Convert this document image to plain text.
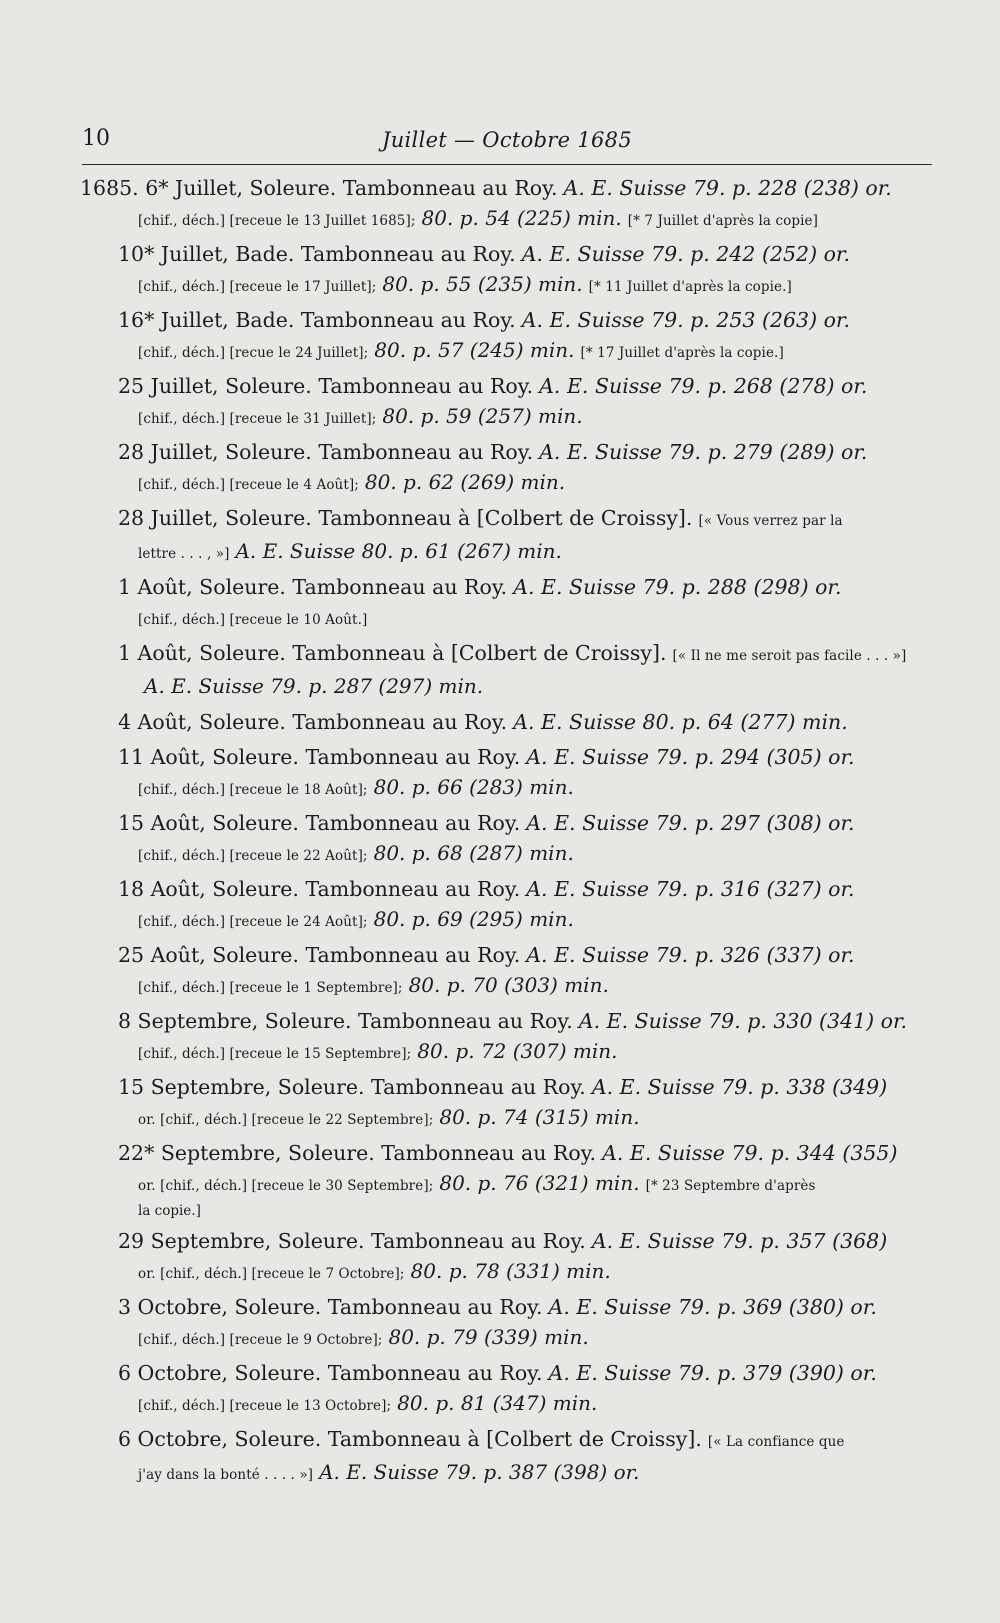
10	Juillet — Octobre 1685
1685. 6* Juillet, Soleure. Tambonneau au Roy. A. E. Suisse 79. p. 228 (238) or.
[chif., déch.] [receue le 13 Juillet 1685]; 80. p. 54 (225) min. [* 7 Juillet d'après la copie]
10* Juillet, Bade. Tambonneau au Roy. A. E. Suisse 79. p. 242 (252) or.
[chif., déch.] [receue le 17 Juillet]; 80. p. 55 (235) min. [* 11 Juillet d'après la copie.]
16* Juillet, Bade. Tambonneau au Roy. A. E. Suisse 79. p. 253 (263) or.
[chif., déch.] [recue le 24 Juillet]; 80. p. 57 (245) min. [* 17 Juillet d'après la copie.]
25 Juillet, Soleure. Tambonneau au Roy. A. E. Suisse 79. p. 268 (278) or.
[chif., déch.] [receue le 31 Juillet]; 80. p. 59 (257) min.
28 Juillet, Soleure. Tambonneau au Roy. A. E. Suisse 79. p. 279 (289) or.
[chif., déch.] [receue le 4 Août]; 80. p. 62 (269) min.
28 Juillet, Soleure. Tambonneau à [Colbert de Croissy]. [« Vous verrez par la
lettre . . . , »] A. E. Suisse 80. p. 61 (267) min.
1 Août, Soleure. Tambonneau au Roy. A. E. Suisse 79. p. 288 (298) or.
[chif., déch.] [receue le 10 Août.]
1 Août, Soleure. Tambonneau à [Colbert de Croissy]. [« Il ne me seroit pas facile . . . »]
A. E. Suisse 79. p. 287 (297) min.
4 Août, Soleure. Tambonneau au Roy. A. E. Suisse 80. p. 64 (277) min.
11 Août, Soleure. Tambonneau au Roy. A. E. Suisse 79. p. 294 (305) or.
[chif., déch.] [receue le 18 Août]; 80. p. 66 (283) min.
15 Août, Soleure. Tambonneau au Roy. A. E. Suisse 79. p. 297 (308) or.
[chif., déch.] [receue le 22 Août]; 80. p. 68 (287) min.
18 Août, Soleure. Tambonneau au Roy. A. E. Suisse 79. p. 316 (327) or.
[chif., déch.] [receue le 24 Août]; 80. p. 69 (295) min.
25 Août, Soleure. Tambonneau au Roy. A. E. Suisse 79. p. 326 (337) or.
[chif., déch.] [receue le 1 Septembre]; 80. p. 70 (303) min.
8 Septembre, Soleure. Tambonneau au Roy. A. E. Suisse 79. p. 330 (341) or.
[chif., déch.] [receue le 15 Septembre]; 80. p. 72 (307) min.
15 Septembre, Soleure. Tambonneau au Roy. A. E. Suisse 79. p. 338 (349)
or. [chif., déch.] [receue le 22 Septembre]; 80. p. 74 (315) min.
22* Septembre, Soleure. Tambonneau au Roy. A. E. Suisse 79. p. 344 (355)
or. [chif., déch.] [receue le 30 Septembre]; 80. p. 76 (321) min. [* 23 Septembre d'après
la copie.]
29 Septembre, Soleure. Tambonneau au Roy. A. E. Suisse 79. p. 357 (368)
or. [chif., déch.] [receue le 7 Octobre]; 80. p. 78 (331) min.
3 Octobre, Soleure. Tambonneau au Roy. A. E. Suisse 79. p. 369 (380) or.
[chif., déch.] [receue le 9 Octobre]; 80. p. 79 (339) min.
6 Octobre, Soleure. Tambonneau au Roy. A. E. Suisse 79. p. 379 (390) or.
[chif., déch.] [receue le 13 Octobre]; 80. p. 81 (347) min.
6 Octobre, Soleure. Tambonneau à [Colbert de Croissy]. [« La confiance que
j'ay dans la bonté . . . . »] A. E. Suisse 79. p. 387 (398) or.
